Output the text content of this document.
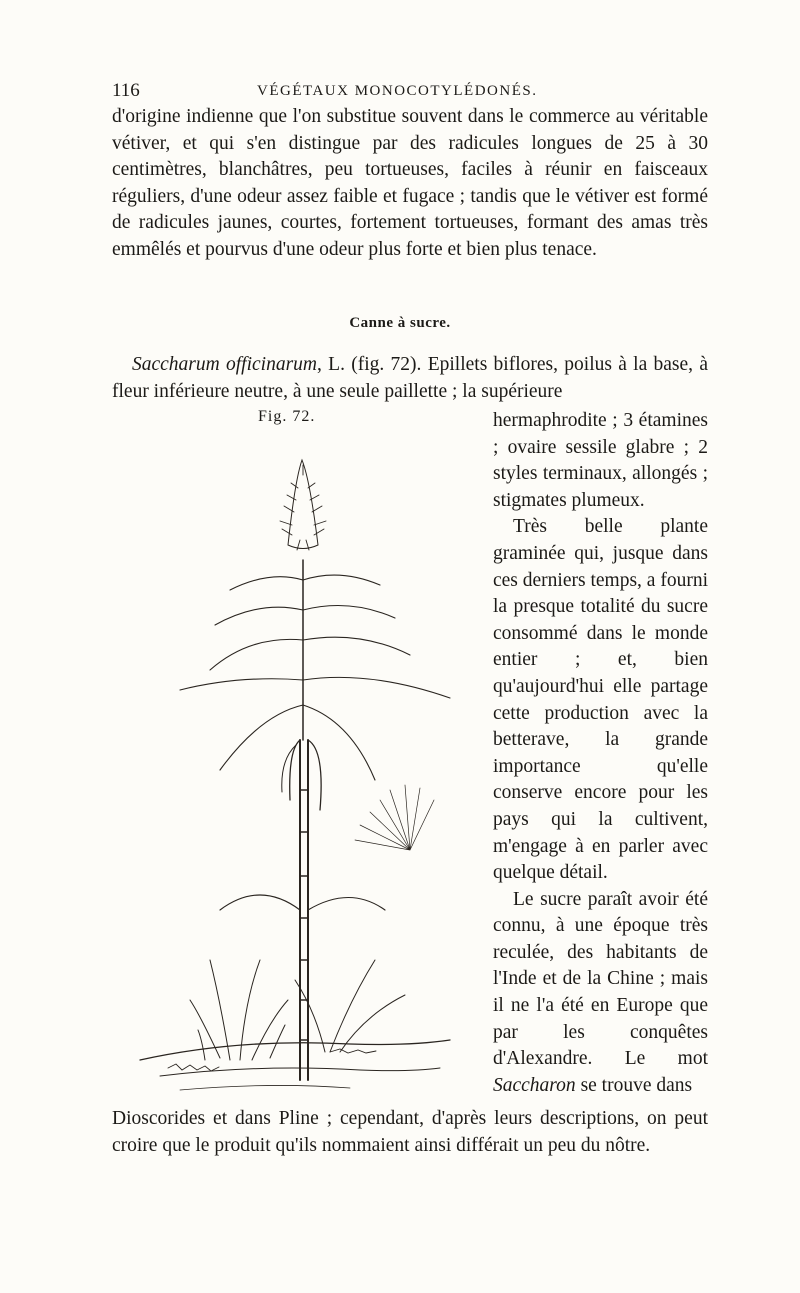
116	VÉGÉTAUX MONOCOTYLÉDONÉS.
d'origine indienne que l'on substitue souvent dans le commerce au véritable vétiver, et qui s'en distingue par des radicules longues de 25 à 30 centimètres, blanchâtres, peu tortueuses, faciles à réunir en faisceaux réguliers, d'une odeur assez faible et fugace ; tandis que le vétiver est formé de radicules jaunes, courtes, fortement tortueuses, formant des amas très emmêlés et pourvus d'une odeur plus forte et bien plus tenace.
Canne à sucre.
Saccharum officinarum, L. (fig. 72). Epillets biflores, poilus à la base, à fleur inférieure neutre, à une seule paillette ; la supérieure
Fig. 72.	hermaphrodite ; 3 étamines ; ovaire sessile glabre ; 2 styles terminaux, allongés ; stigmates plumeux.

Très belle plante graminée qui, jusque dans ces derniers temps, a fourni la presque totalité du sucre consommé dans le monde entier ; et, bien qu'aujourd'hui elle partage cette production avec la betterave, la grande importance qu'elle conserve encore pour les pays qui la cultivent, m'engage à en parler avec quelque détail.

Le sucre paraît avoir été connu, à une époque très reculée, des habitants de l'Inde et de la Chine ; mais il ne l'a été en Europe que par les conquêtes d'Alexandre. Le mot Saccharon se trouve dans

Dioscorides et dans Pline ; cependant, d'après leurs descriptions, on peut croire que le produit qu'ils nommaient ainsi différait un peu du nôtre.
